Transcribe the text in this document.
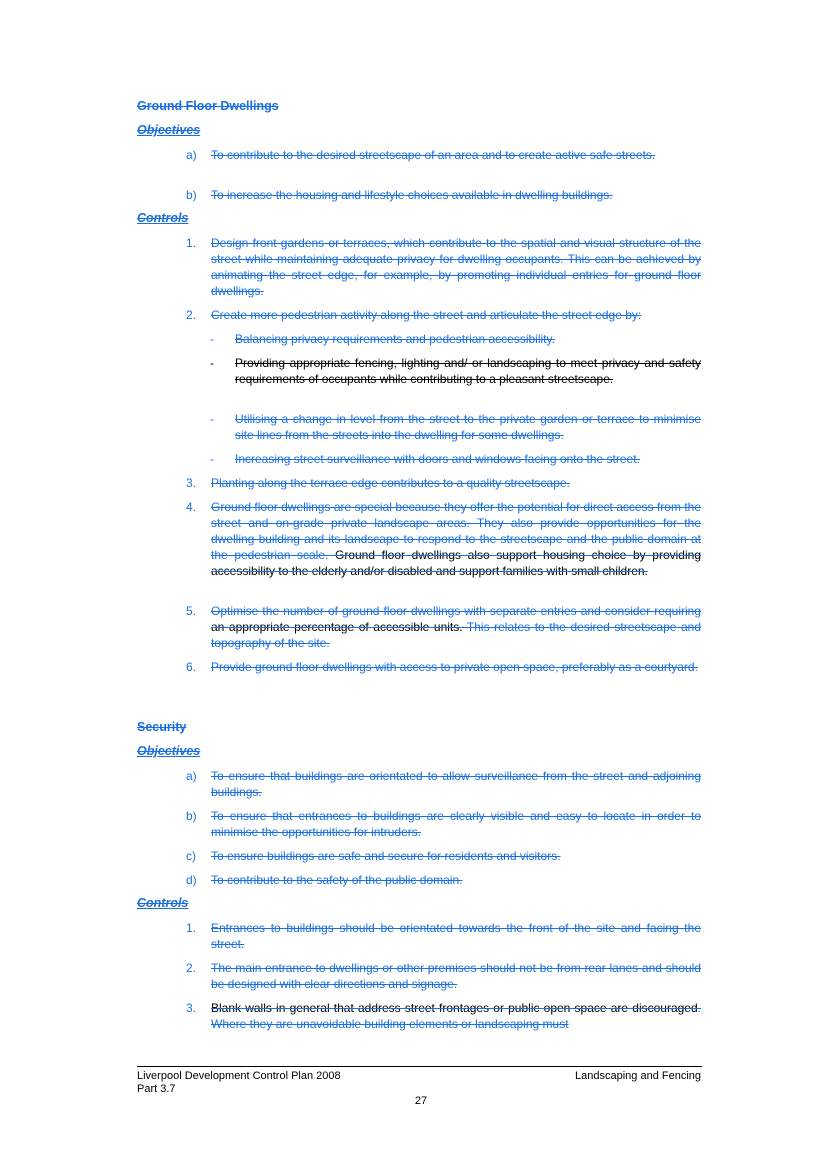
Ground Floor Dwellings
Objectives
a)	To contribute to the desired streetscape of an area and to create active safe streets.
b)	To increase the housing and lifestyle choices available in dwelling buildings.
Controls
1.	Design front gardens or terraces, which contribute to the spatial and visual structure of the street while maintaining adequate privacy for dwelling occupants. This can be achieved by animating the street edge, for example, by promoting individual entries for ground floor dwellings.
2.	Create more pedestrian activity along the street and articulate the street edge by:
-	Balancing privacy requirements and pedestrian accessibility.
-	Providing appropriate fencing, lighting and/ or landscaping to meet privacy and safety requirements of occupants while contributing to a pleasant streetscape.
-	Utilising a change in level from the street to the private garden or terrace to minimise site lines from the streets into the dwelling for some dwellings.
-	Increasing street surveillance with doors and windows facing onto the street.
3.	Planting along the terrace edge contributes to a quality streetscape.
4.	Ground floor dwellings are special because they offer the potential for direct access from the street and on-grade private landscape areas. They also provide opportunities for the dwelling building and its landscape to respond to the streetscape and the public domain at the pedestrian scale. Ground floor dwellings also support housing choice by providing accessibility to the elderly and/or disabled and support families with small children.
5.	Optimise the number of ground floor dwellings with separate entries and consider requiring an appropriate percentage of accessible units. This relates to the desired streetscape and topography of the site.
6.	Provide ground floor dwellings with access to private open space, preferably as a courtyard.
Security
Objectives
a)	To ensure that buildings are orientated to allow surveillance from the street and adjoining buildings.
b)	To ensure that entrances to buildings are clearly visible and easy to locate in order to minimise the opportunities for intruders.
c)	To ensure buildings are safe and secure for residents and visitors.
d)	To contribute to the safety of the public domain.
Controls
1.	Entrances to buildings should be orientated towards the front of the site and facing the street.
2.	The main entrance to dwellings or other premises should not be from rear lanes and should be designed with clear directions and signage.
3.	Blank walls in general that address street frontages or public open space are discouraged. Where they are unavoidable building elements or landscaping must
Liverpool Development Control Plan 2008
Part 3.7
Landscaping and Fencing
27
